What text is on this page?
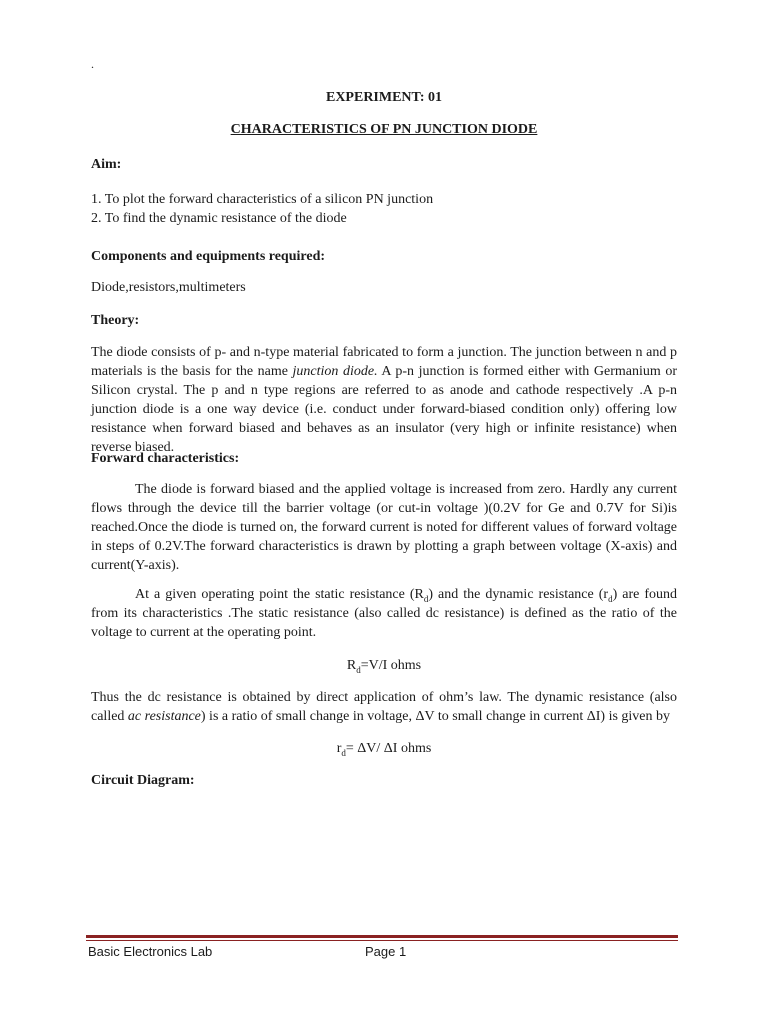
.
EXPERIMENT: 01
CHARACTERISTICS OF PN JUNCTION DIODE
Aim:
1. To plot the forward characteristics of a silicon PN junction
2. To find the dynamic resistance of the diode
Components and equipments required:
Diode,resistors,multimeters
Theory:
The diode consists of p- and n-type material fabricated to form a junction. The junction between n and p materials is the basis for the name junction diode. A p-n junction is formed either with Germanium or Silicon crystal. The p and n type regions are referred to as anode and cathode respectively .A p-n junction diode is a one way device (i.e. conduct under forward-biased condition only) offering low resistance when forward biased and behaves as an insulator (very high or infinite resistance) when reverse biased.
Forward characteristics:
The diode is forward biased and the applied voltage is increased from zero. Hardly any current flows through the device till the barrier voltage (or cut-in voltage )(0.2V for Ge and 0.7V for Si)is reached.Once the diode is turned on, the forward current is noted for different values of forward voltage in steps of 0.2V.The forward characteristics is drawn by plotting a graph between voltage (X-axis) and current(Y-axis).
At a given operating point the static resistance $(R_d)$ and the dynamic resistance $(r_d)$ are found from its characteristics .The static resistance (also called dc resistance) is defined as the ratio of the voltage to current at the operating point.
$R_d=V/I$ ohms
Thus the dc resistance is obtained by direct application of ohm’s law. The dynamic resistance (also called ac resistance) is a ratio of small change in voltage, ΔV to small change in current ΔI) is given by
$r_d= \Delta V/$ ΔI ohms
Circuit Diagram:
Basic Electronics Lab	Page 1
